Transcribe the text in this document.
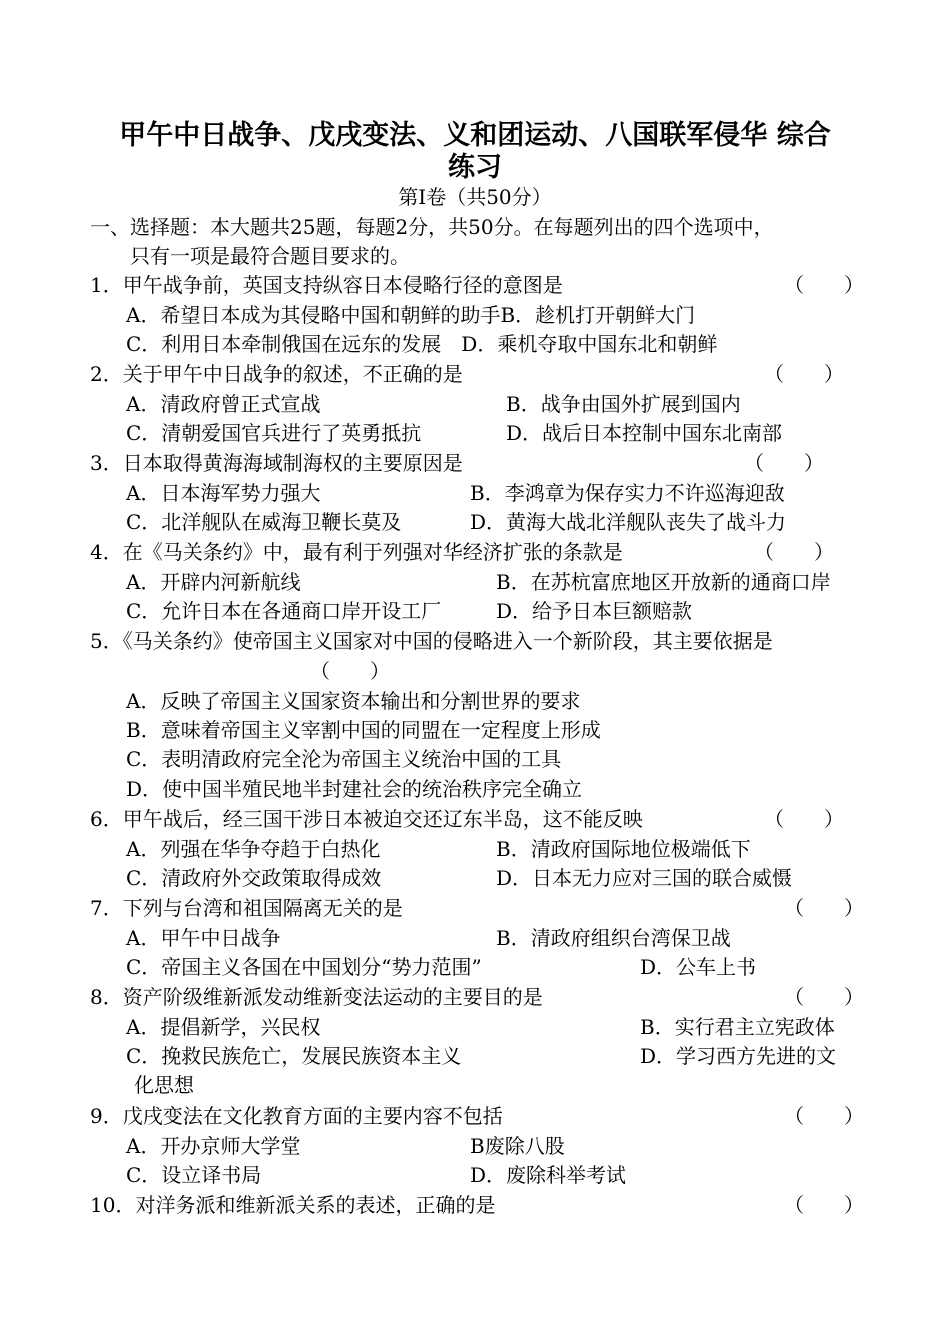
甲午中日战争、戊戌变法、义和团运动、八国联军侵华 综合
练习
第Ⅰ卷（共50分）
一、选择题：本大题共25题，每题2分，共50分。在每题列出的四个选项中，
只有一项是最符合题目要求的。
1．甲午战争前，英国支持纵容日本侵略行径的意图是	（　　）
A．希望日本成为其侵略中国和朝鲜的助手B．趁机打开朝鲜大门
C．利用日本牵制俄国在远东的发展　D．乘机夺取中国东北和朝鲜
2．关于甲午中日战争的叙述，不正确的是	（　　）
A．清政府曾正式宣战	B．战争由国外扩展到国内
C．清朝爱国官兵进行了英勇抵抗	D．战后日本控制中国东北南部
3．日本取得黄海海域制海权的主要原因是	（　　）
A．日本海军势力强大	B．李鸿章为保存实力不许巡海迎敌
C．北洋舰队在威海卫鞭长莫及	D．黄海大战北洋舰队丧失了战斗力
4．在《马关条约》中，最有利于列强对华经济扩张的条款是	（　　）
A．开辟内河新航线	B．在苏杭富庶地区开放新的通商口岸
C．允许日本在各通商口岸开设工厂	D．给予日本巨额赔款
5．《马关条约》使帝国主义国家对中国的侵略进入一个新阶段，其主要依据是
（　　）
A．反映了帝国主义国家资本输出和分割世界的要求
B．意味着帝国主义宰割中国的同盟在一定程度上形成
C．表明清政府完全沦为帝国主义统治中国的工具
D．使中国半殖民地半封建社会的统治秩序完全确立
6．甲午战后，经三国干涉日本被迫交还辽东半岛，这不能反映	（　　）
A．列强在华争夺趋于白热化	B．清政府国际地位极端低下
C．清政府外交政策取得成效	D．日本无力应对三国的联合威慑
7．下列与台湾和祖国隔离无关的是	（　　）
A．甲午中日战争	B．清政府组织台湾保卫战
C．帝国主义各国在中国划分“势力范围”	D．公车上书
8．资产阶级维新派发动维新变法运动的主要目的是	（　　）
A．提倡新学，兴民权	B．实行君主立宪政体
C．挽救民族危亡，发展民族资本主义	D．学习西方先进的文
化思想
9．戊戌变法在文化教育方面的主要内容不包括	（　　）
A．开办京师大学堂	B废除八股
C．设立译书局	D．废除科举考试
10．对洋务派和维新派关系的表述，正确的是	（　　）
